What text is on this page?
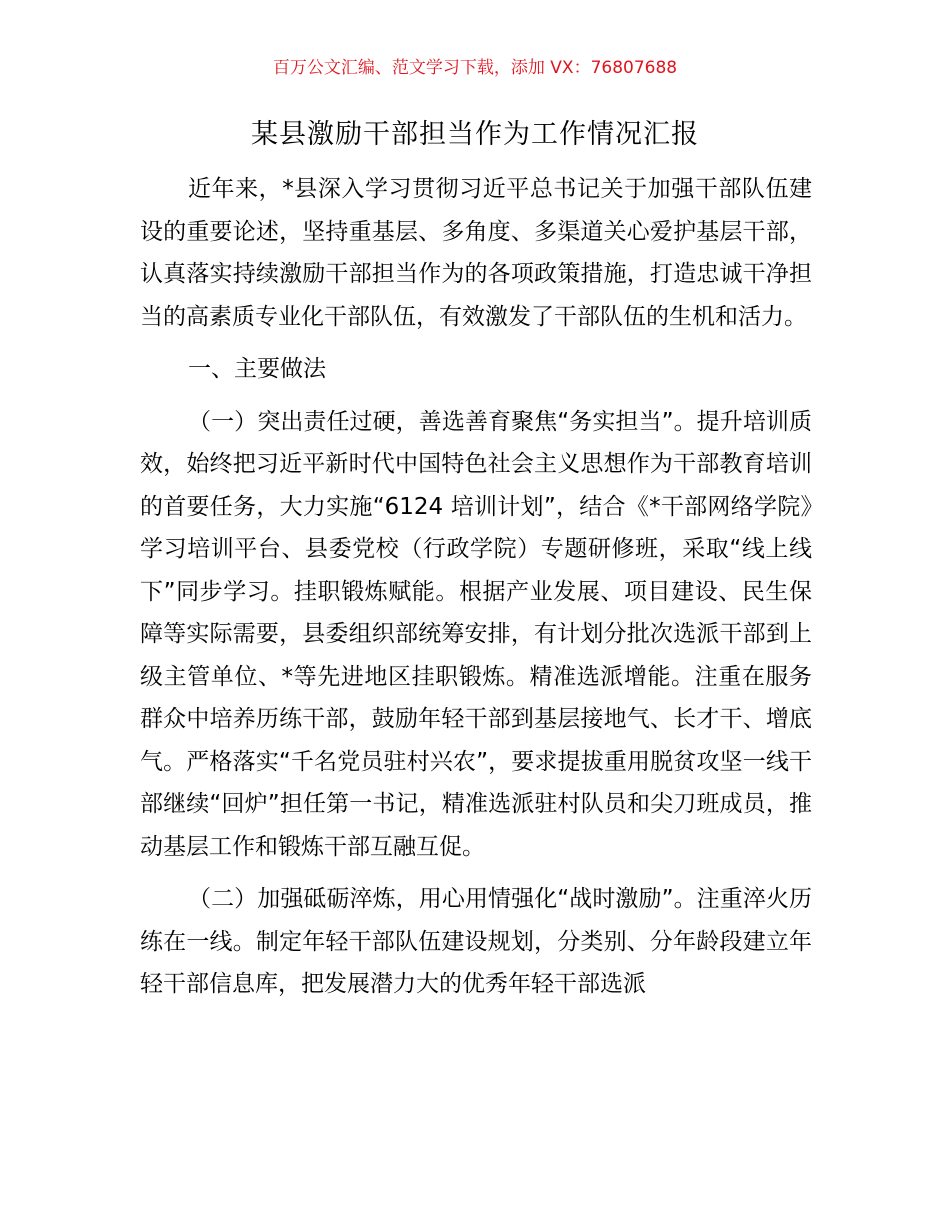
百万公文汇编、范文学习下载，添加 VX：76807688
某县激励干部担当作为工作情况汇报

近年来，*县深入学习贯彻习近平总书记关于加强干部队伍建设的重要论述，坚持重基层、多角度、多渠道关心爱护基层干部，认真落实持续激励干部担当作为的各项政策措施，打造忠诚干净担当的高素质专业化干部队伍，有效激发了干部队伍的生机和活力。

一、主要做法

（一）突出责任过硬，善选善育聚焦“务实担当”。提升培训质效，始终把习近平新时代中国特色社会主义思想作为干部教育培训的首要任务，大力实施“6124 培训计划”，结合《*干部网络学院》学习培训平台、县委党校（行政学院）专题研修班，采取“线上线下”同步学习。挂职锻炼赋能。根据产业发展、项目建设、民生保障等实际需要，县委组织部统筹安排，有计划分批次选派干部到上级主管单位、*等先进地区挂职锻炼。精准选派增能。注重在服务群众中培养历练干部，鼓励年轻干部到基层接地气、长才干、增底气。严格落实“千名党员驻村兴农”，要求提拔重用脱贫攻坚一线干部继续“回炉”担任第一书记，精准选派驻村队员和尖刀班成员，推动基层工作和锻炼干部互融互促。

（二）加强砥砺淬炼，用心用情强化“战时激励”。注重淬火历练在一线。制定年轻干部队伍建设规划，分类别、分年龄段建立年轻干部信息库，把发展潜力大的优秀年轻干部选派
